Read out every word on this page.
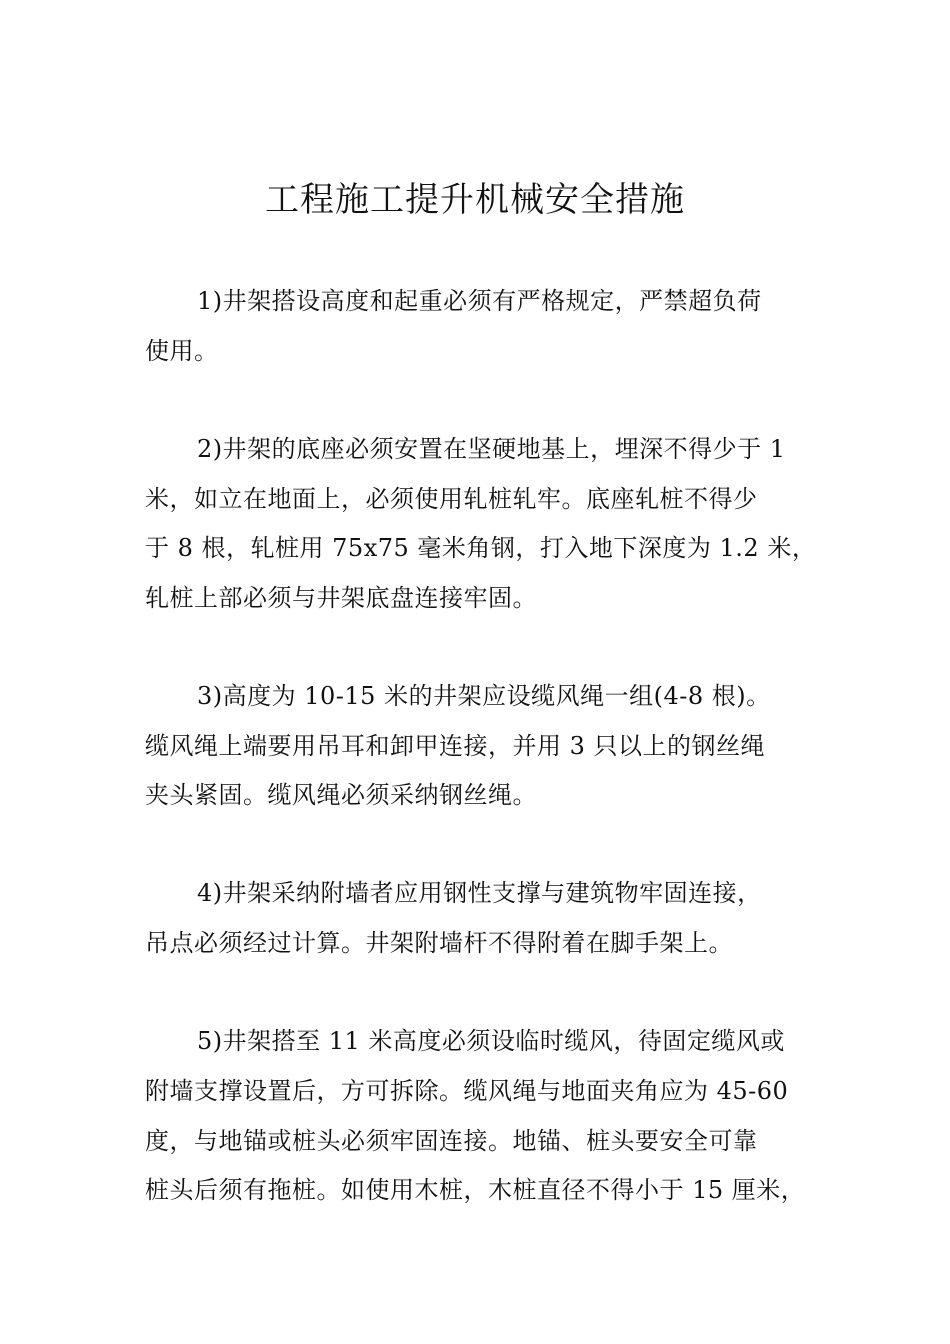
工程施工提升机械安全措施
1)井架搭设高度和起重必须有严格规定，严禁超负荷
使用。
2)井架的底座必须安置在坚硬地基上，埋深不得少于 1
米，如立在地面上，必须使用轧桩轧牢。底座轧桩不得少
于 8 根，轧桩用 75x75 毫米角钢，打入地下深度为 1.2 米，
轧桩上部必须与井架底盘连接牢固。
3)高度为 10-15 米的井架应设缆风绳一组(4-8 根)。
缆风绳上端要用吊耳和卸甲连接，并用 3 只以上的钢丝绳
夹头紧固。缆风绳必须采纳钢丝绳。
4)井架采纳附墙者应用钢性支撑与建筑物牢固连接，
吊点必须经过计算。井架附墙杆不得附着在脚手架上。
5)井架搭至 11 米高度必须设临时缆风，待固定缆风或
附墙支撑设置后，方可拆除。缆风绳与地面夹角应为 45-60
度，与地锚或桩头必须牢固连接。地锚、桩头要安全可靠
桩头后须有拖桩。如使用木桩，木桩直径不得小于 15 厘米，
